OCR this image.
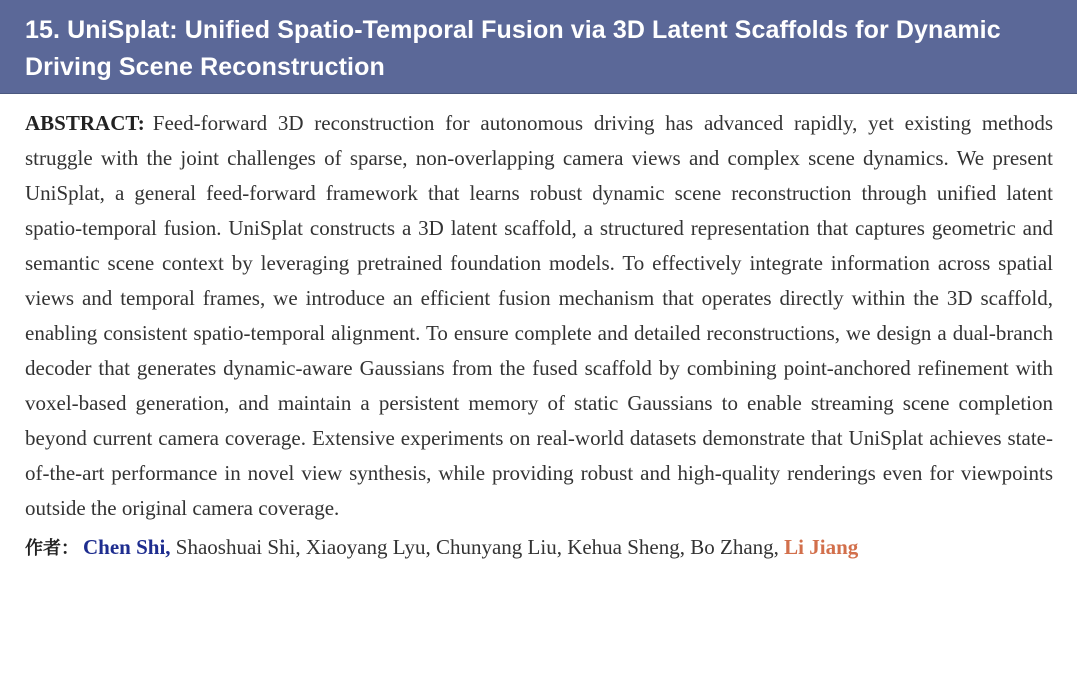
15. UniSplat: Unified Spatio-Temporal Fusion via 3D Latent Scaffolds for Dynamic Driving Scene Reconstruction

ABSTRACT: Feed-forward 3D reconstruction for autonomous driving has advanced rapidly, yet existing methods struggle with the joint challenges of sparse, non-overlapping camera views and complex scene dynamics. We present UniSplat, a general feed-forward framework that learns robust dynamic scene reconstruction through unified latent spatio-temporal fusion. UniSplat constructs a 3D latent scaffold, a structured representation that captures geometric and semantic scene context by leveraging pretrained foundation models. To effectively integrate information across spatial views and temporal frames, we introduce an efficient fusion mechanism that operates directly within the 3D scaffold, enabling consistent spatio-temporal alignment. To ensure complete and detailed reconstructions, we design a dual-branch decoder that generates dynamic-aware Gaussians from the fused scaffold by combining point-anchored refinement with voxel-based generation, and maintain a persistent memory of static Gaussians to enable streaming scene completion beyond current camera coverage. Extensive experiments on real-world datasets demonstrate that UniSplat achieves state-of-the-art performance in novel view synthesis, while providing robust and high-quality renderings even for viewpoints outside the original camera coverage.

作者： Chen Shi, Shaoshuai Shi, Xiaoyang Lyu, Chunyang Liu, Kehua Sheng, Bo Zhang, Li Jiang
